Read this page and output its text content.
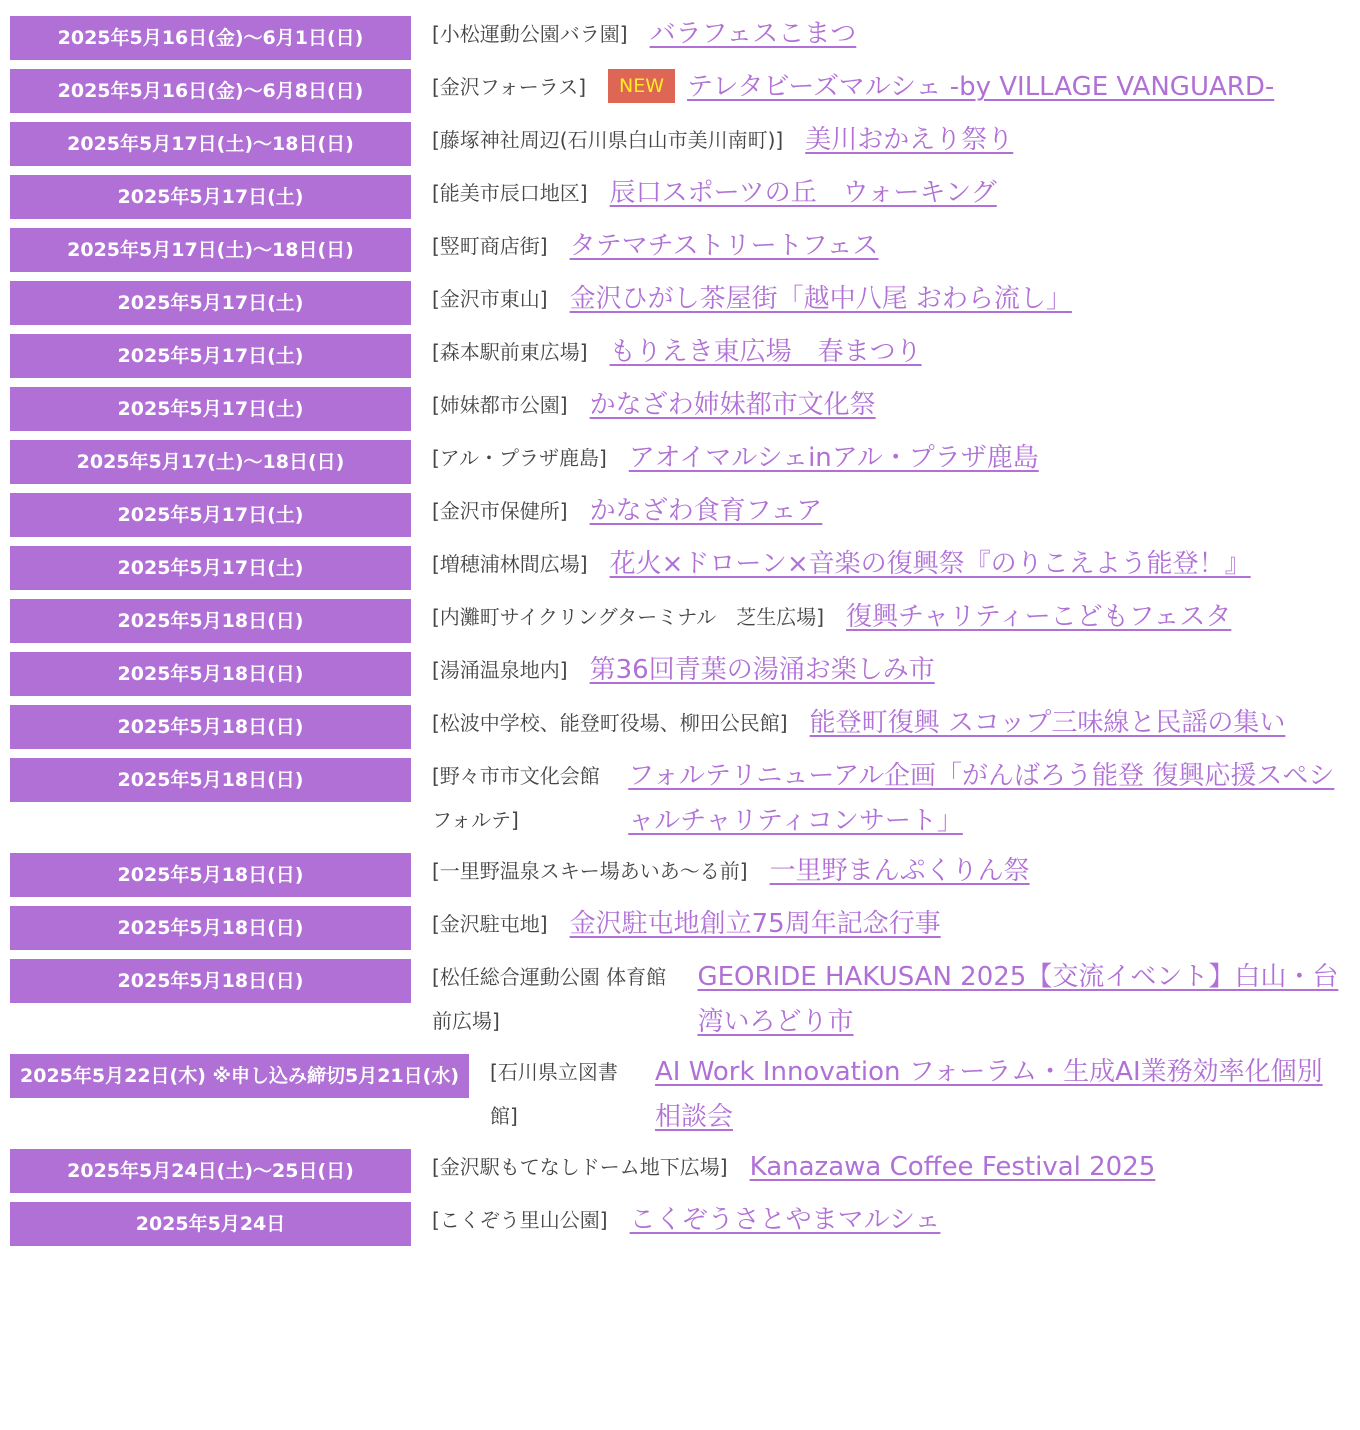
2025年5月16日(金)〜6月1日(日)	[小松運動公園バラ園] バラフェスこまつ
2025年5月16日(金)〜6月8日(日)	[金沢フォーラス]	NEW テレタビーズマルシェ -by VILLAGE VANGUARD-
2025年5月17日(土)〜18日(日)	[藤塚神社周辺(石川県白山市美川南町)] 美川おかえり祭り
2025年5月17日(土)	[能美市辰口地区] 辰口スポーツの丘　ウォーキング
2025年5月17日(土)〜18日(日)	[竪町商店街] タテマチストリートフェス
2025年5月17日(土)	[金沢市東山] 金沢ひがし茶屋街「越中八尾 おわら流し」
2025年5月17日(土)	[森本駅前東広場] もりえき東広場　春まつり
2025年5月17日(土)	[姉妹都市公園] かなざわ姉妹都市文化祭
2025年5月17(土)〜18日(日)	[アル・プラザ鹿島] アオイマルシェinアル・プラザ鹿島
2025年5月17日(土)	[金沢市保健所] かなざわ食育フェア
2025年5月17日(土)	[増穂浦林間広場] 花火×ドローン×音楽の復興祭『のりこえよう能登！』
2025年5月18日(日)	[内灘町サイクリングターミナル　芝生広場] 復興チャリティーこどもフェスタ
2025年5月18日(日)	[湯涌温泉地内] 第36回青葉の湯涌お楽しみ市
2025年5月18日(日)	[松波中学校、能登町役場、柳田公民館] 能登町復興 スコップ三味線と民謡の集い
2025年5月18日(日)	[野々市市文化会館フォルテ]
フォルテリニューアル企画「がんばろう能登 復興応援スペシャルチャリティコンサート」
2025年5月18日(日)	[一里野温泉スキー場あいあ〜る前] 一里野まんぷくりん祭
2025年5月18日(日)	[金沢駐屯地] 金沢駐屯地創立75周年記念行事
2025年5月18日(日)	[松任総合運動公園 体育館前広場]
GEORIDE HAKUSAN 2025【交流イベント】白山・台湾いろどり市
2025年5月22日(木) ※申し込み締切5月21日(水)	[石川県立図書館]
AI Work Innovation フォーラム・生成AI業務効率化個別相談会
2025年5月24日(土)〜25日(日)	[金沢駅もてなしドーム地下広場] Kanazawa Coffee Festival 2025
2025年5月24日	[こくぞう里山公園] こくぞうさとやまマルシェ
